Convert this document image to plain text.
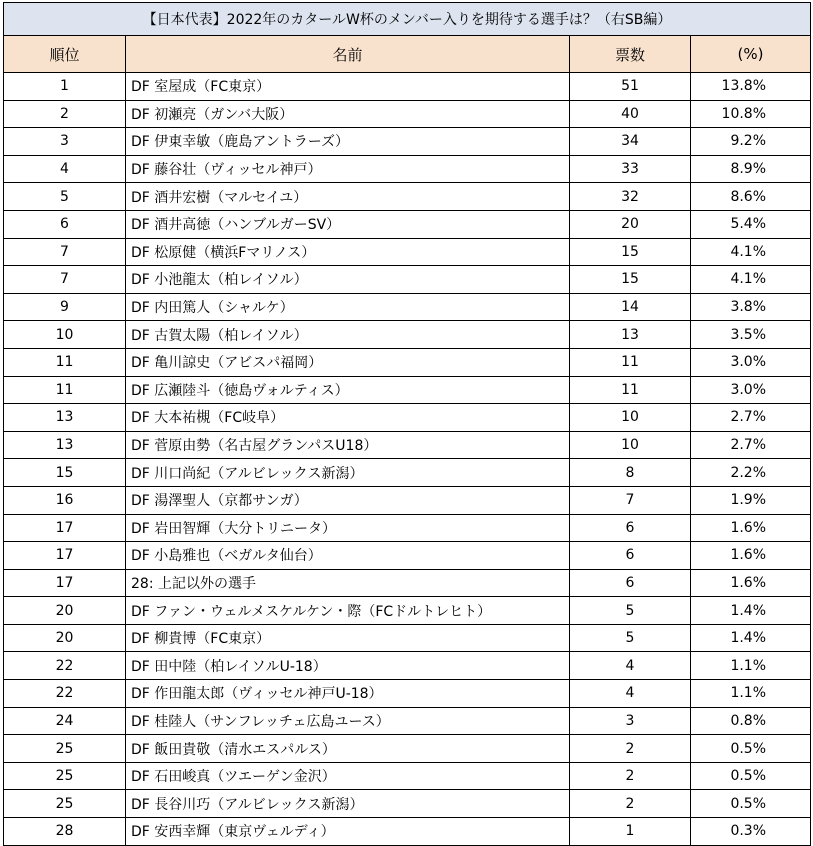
【日本代表】2022年のカタールW杯のメンバー入りを期待する選手は？（右SB編）			
順位	名前	票数	(%)
1	DF 室屋成（FC東京）	51	13.8%
2	DF 初瀬亮（ガンバ大阪）	40	10.8%
3	DF 伊東幸敏（鹿島アントラーズ）	34	9.2%
4	DF 藤谷壮（ヴィッセル神戸）	33	8.9%
5	DF 酒井宏樹（マルセイユ）	32	8.6%
6	DF 酒井高徳（ハンブルガーSV）	20	5.4%
7	DF 松原健（横浜Fマリノス）	15	4.1%
7	DF 小池龍太（柏レイソル）	15	4.1%
9	DF 内田篤人（シャルケ）	14	3.8%
10	DF 古賀太陽（柏レイソル）	13	3.5%
11	DF 亀川諒史（アビスパ福岡）	11	3.0%
11	DF 広瀬陸斗（徳島ヴォルティス）	11	3.0%
13	DF 大本祐槻（FC岐阜）	10	2.7%
13	DF 菅原由勢（名古屋グランパスU18）	10	2.7%
15	DF 川口尚紀（アルビレックス新潟）	8	2.2%
16	DF 湯澤聖人（京都サンガ）	7	1.9%
17	DF 岩田智輝（大分トリニータ）	6	1.6%
17	DF 小島雅也（ベガルタ仙台）	6	1.6%
17	28: 上記以外の選手	6	1.6%
20	DF ファン・ウェルメスケルケン・際（FCドルトレヒト）	5	1.4%
20	DF 柳貴博（FC東京）	5	1.4%
22	DF 田中陸（柏レイソルU-18）	4	1.1%
22	DF 作田龍太郎（ヴィッセル神戸U-18）	4	1.1%
24	DF 桂陸人（サンフレッチェ広島ユース）	3	0.8%
25	DF 飯田貴敬（清水エスパルス）	2	0.5%
25	DF 石田峻真（ツエーゲン金沢）	2	0.5%
25	DF 長谷川巧（アルビレックス新潟）	2	0.5%
28	DF 安西幸輝（東京ヴェルディ）	1	0.3%
